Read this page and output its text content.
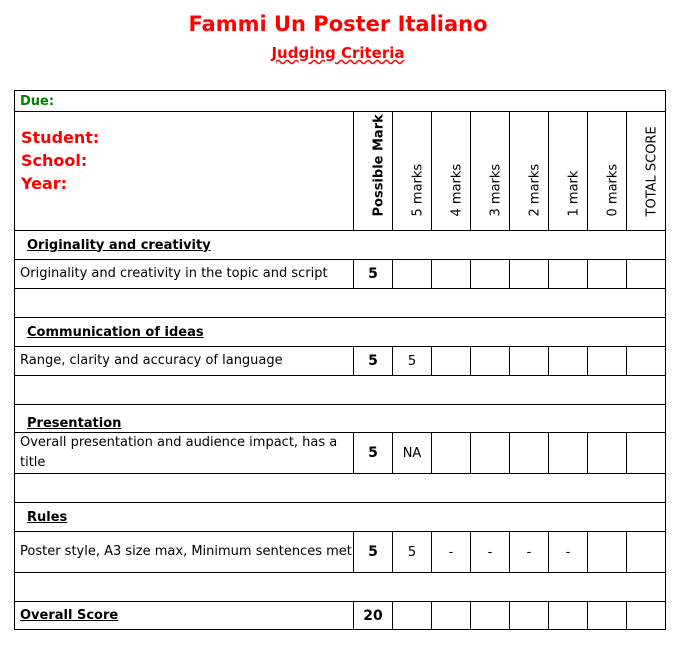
Fammi Un Poster Italiano
Judging Criteria
Due:								

Student:
School:
Year:	Possible Mark	5 marks	4 marks	3 marks	2 marks	1 mark	0 marks	TOTAL SCORE

Originality and creativity								
Originality and creativity in the topic and script	5							

Communication of ideas								
Range, clarity and accuracy of language	5	5						

Presentation								
Overall presentation and audience impact, has a title	5	NA						

Rules								
Poster style, A3 size max, Minimum sentences met	5	5	-	-	-	-		

Overall Score	20							
